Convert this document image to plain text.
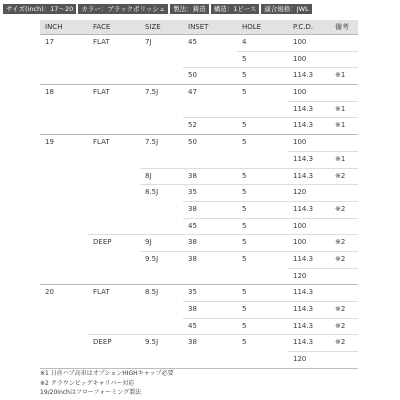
サイズ(inch)：17〜20	カラー：ブラックポリッシュ	製法：鋳造	構造：1ピース	適合規格：JWL
INCH	FACE	SIZE	INSET	HOLE	P.C.D.	備考
17	FLAT	7J	45	4	100	
				5	100	
			50	5	114.3	※1
18	FLAT	7.5J	47	5	100	
					114.3	※1
			52	5	114.3	※1
19	FLAT	7.5J	50	5	100	
					114.3	※1
		8J	38	5	114.3	※2
		8.5J	35	5	120	
			38	5	114.3	※2
			45	5	100	
	DEEP	9J	38	5	100	※2
		9.5J	38	5	114.3	※2
					120	
20	FLAT	8.5J	35	5	114.3	
			38	5	114.3	※2
			45	5	114.3	※2
	DEEP	9.5J	38	5	114.3	※2
					120	
※1 日産ハブ高車はオプションHIGHキャップ必要
※2 クラウンビッグキャリパー対応
19/20inchはフローフォーミング製法
